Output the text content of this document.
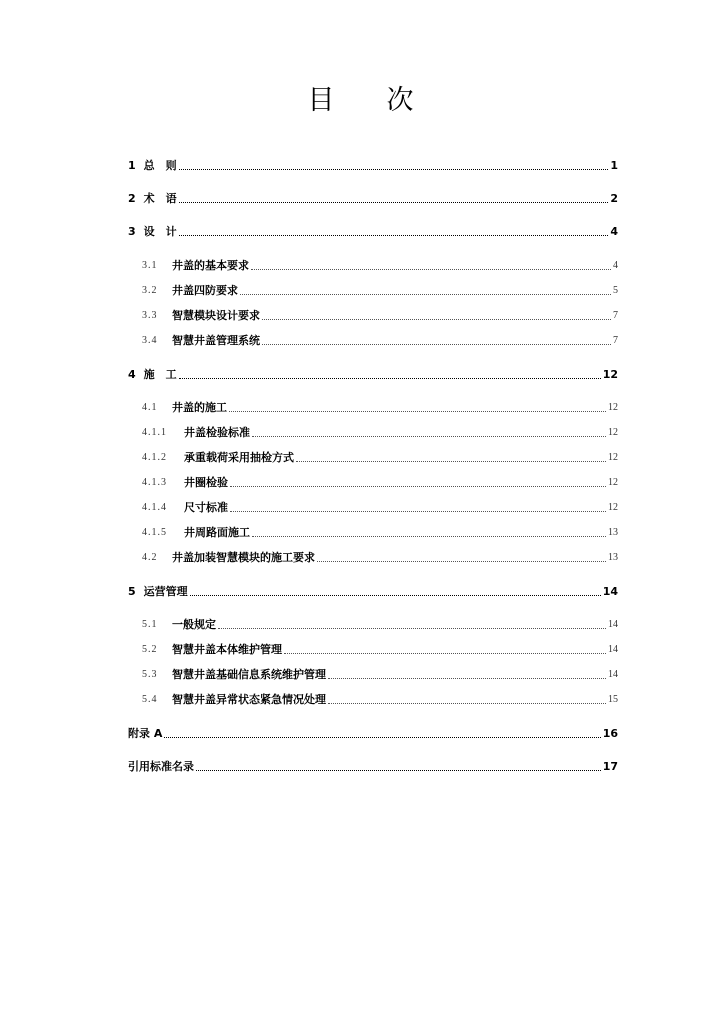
目 次
1 总　则	1
2 术　语	2
3 设　计	4
3.1	井盖的基本要求	4
3.2	井盖四防要求	5
3.3	智慧模块设计要求	7
3.4	智慧井盖管理系统	7
4 施　工	12
4.1	井盖的施工	12
4.1.1	井盖检验标准	12
4.1.2	承重载荷采用抽检方式	12
4.1.3	井圈检验	12
4.1.4	尺寸标准	12
4.1.5	井周路面施工	13
4.2	井盖加装智慧模块的施工要求	13
5 运营管理	14
5.1	一般规定	14
5.2	智慧井盖本体维护管理	14
5.3	智慧井盖基础信息系统维护管理	14
5.4	智慧井盖异常状态紧急情况处理	15
附录 A	16
引用标准名录	17
